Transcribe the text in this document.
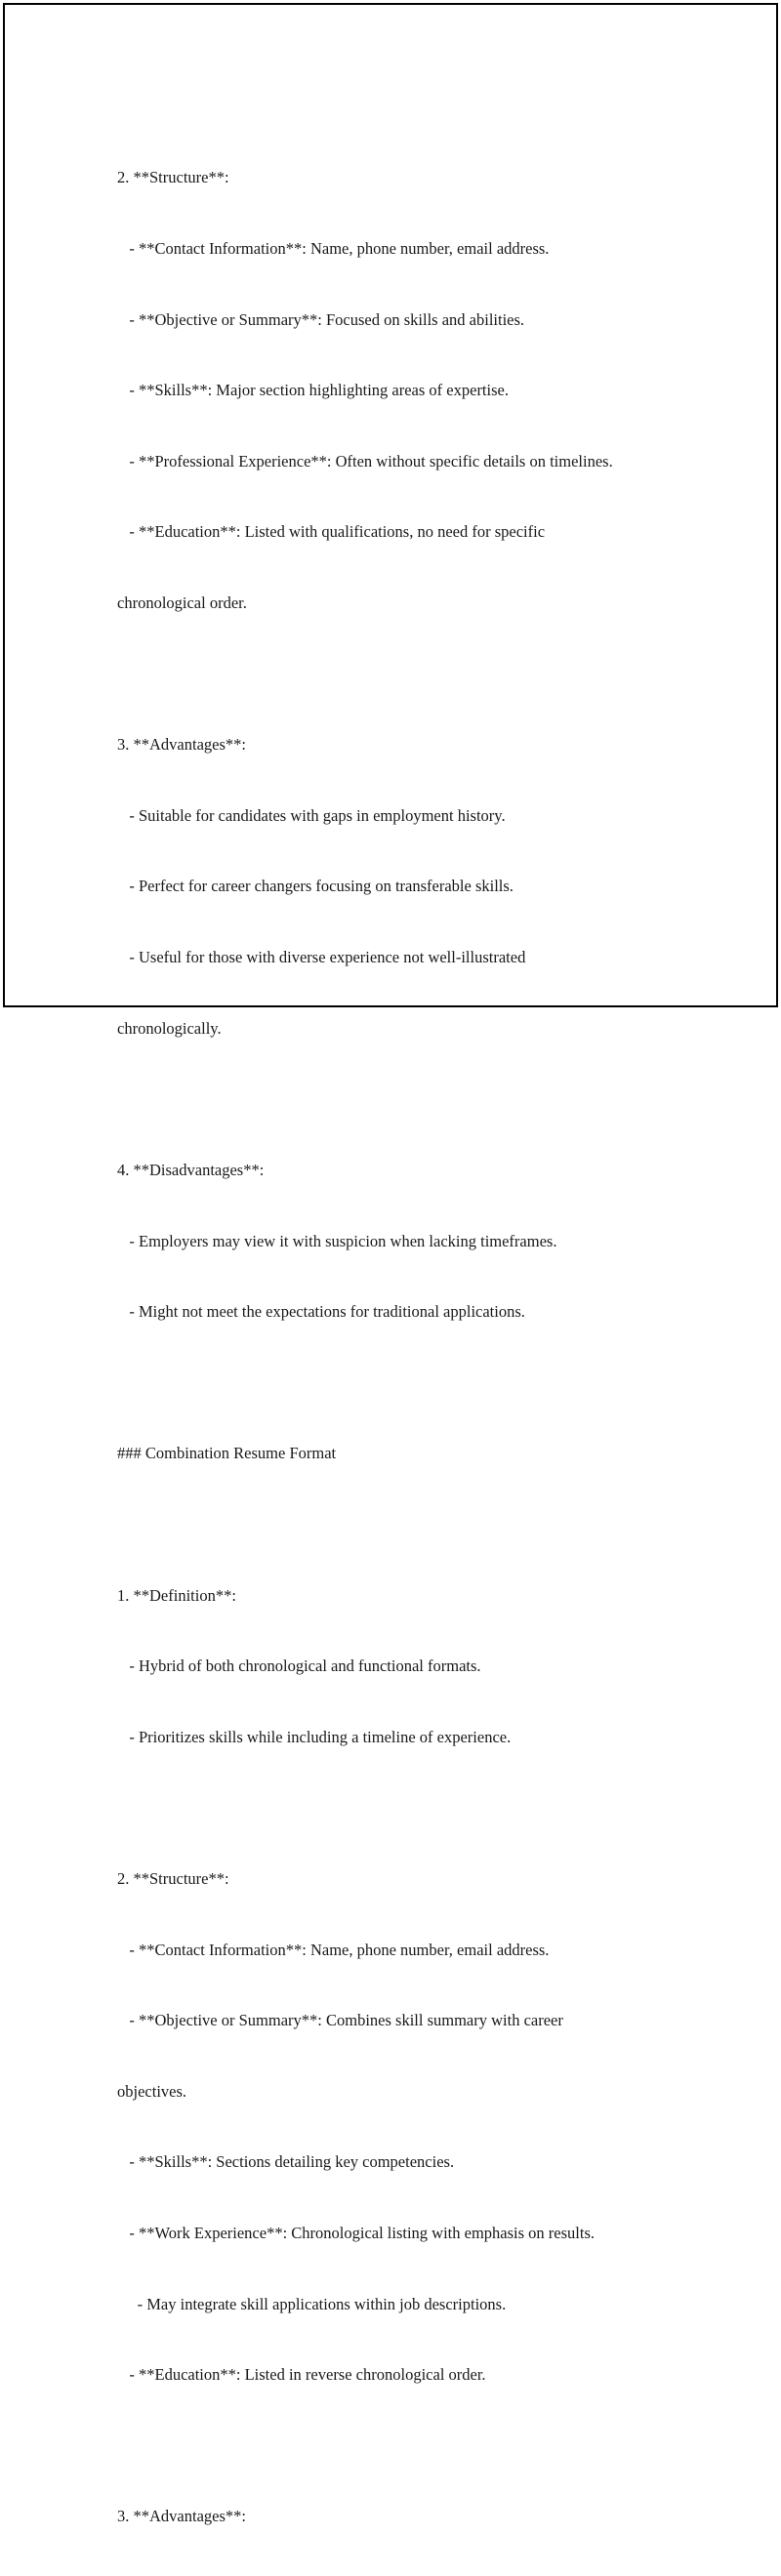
2. **Structure**:

- **Contact Information**: Name, phone number, email address.

- **Objective or Summary**: Focused on skills and abilities.

- **Skills**: Major section highlighting areas of expertise.

- **Professional Experience**: Often without specific details on timelines.

- **Education**: Listed with qualifications, no need for specific

chronological order.

3. **Advantages**:

- Suitable for candidates with gaps in employment history.

- Perfect for career changers focusing on transferable skills.

- Useful for those with diverse experience not well-illustrated

chronologically.

4. **Disadvantages**:

- Employers may view it with suspicion when lacking timeframes.

- Might not meet the expectations for traditional applications.

### Combination Resume Format

1. **Definition**:

- Hybrid of both chronological and functional formats.

- Prioritizes skills while including a timeline of experience.

2. **Structure**:

- **Contact Information**: Name, phone number, email address.

- **Objective or Summary**: Combines skill summary with career

objectives.

- **Skills**: Sections detailing key competencies.

- **Work Experience**: Chronological listing with emphasis on results.

- May integrate skill applications within job descriptions.

- **Education**: Listed in reverse chronological order.

3. **Advantages**:
